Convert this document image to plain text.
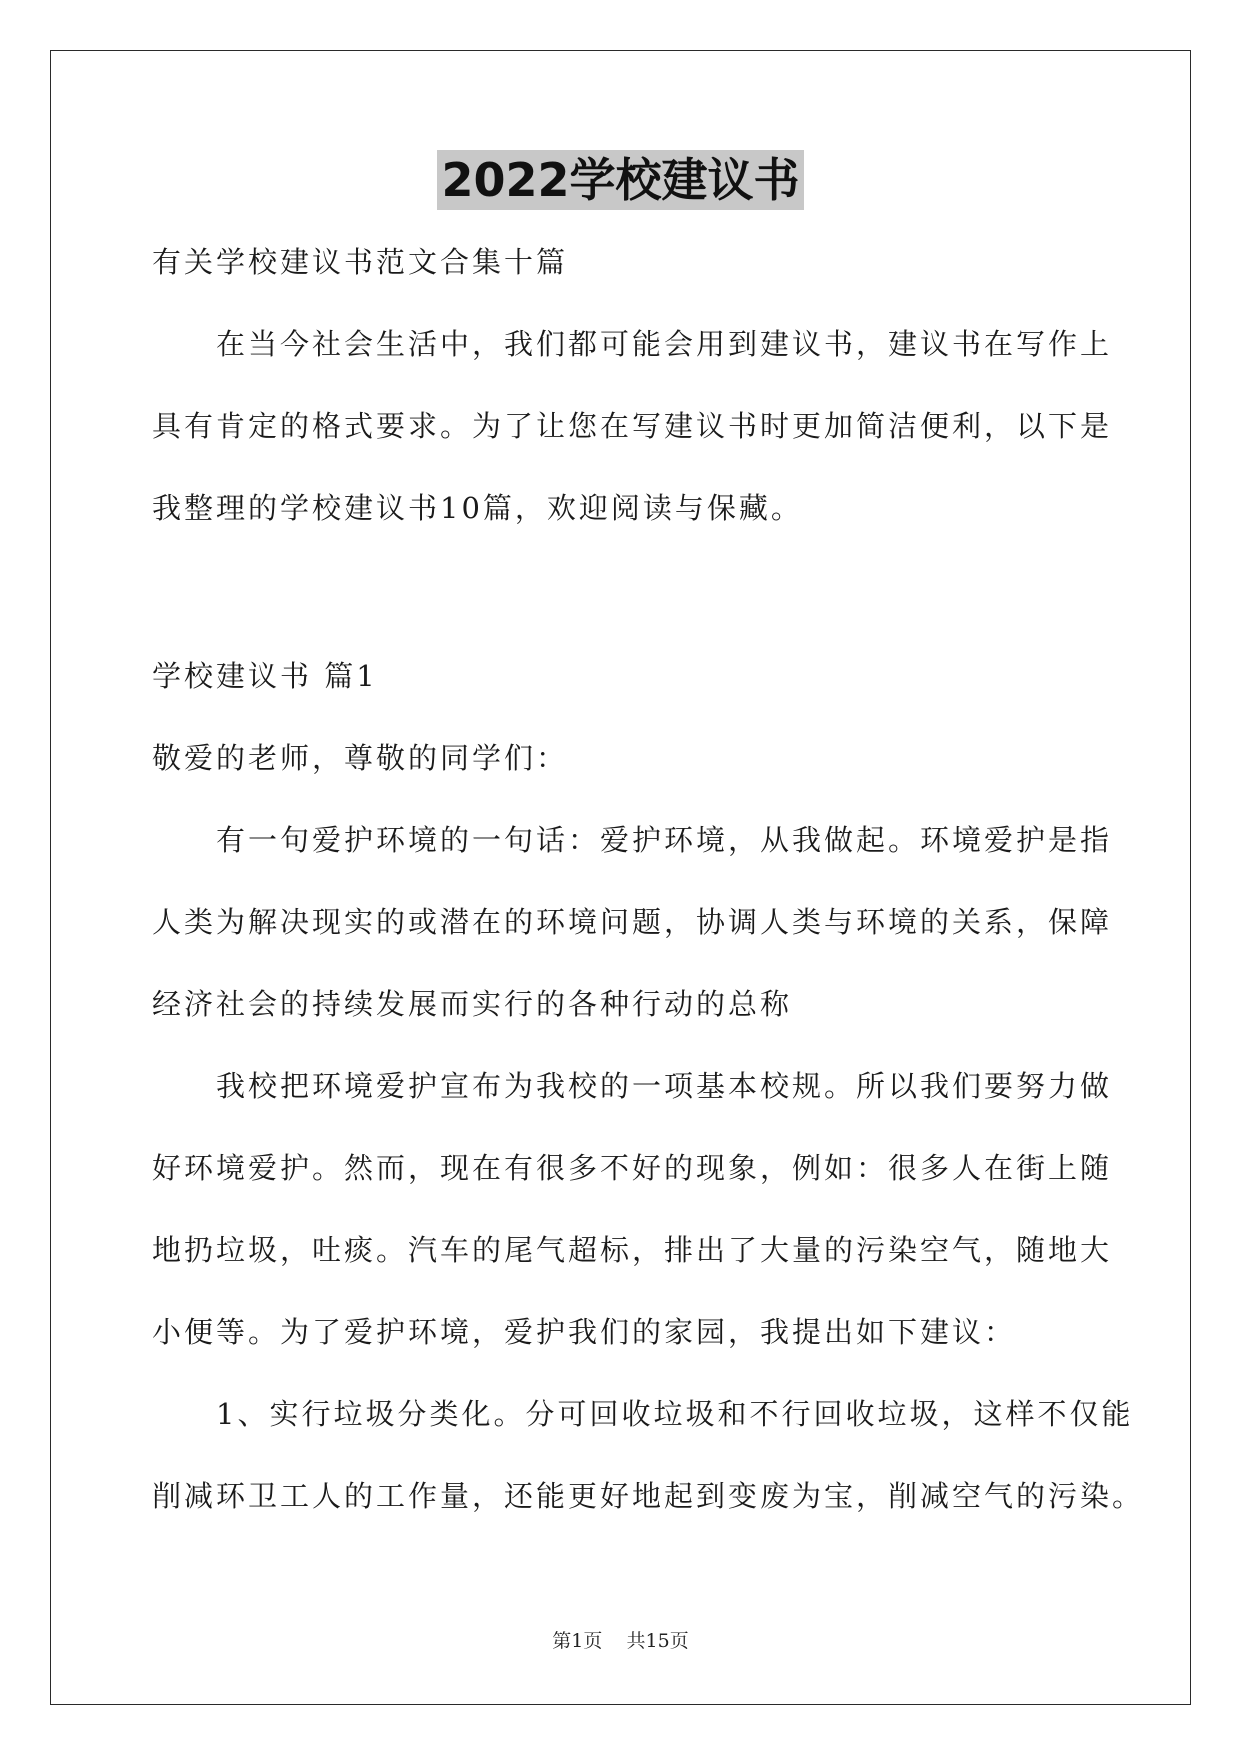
2022学校建议书
有关学校建议书范文合集十篇
　　在当今社会生活中，我们都可能会用到建议书，建议书在写作上
具有肯定的格式要求。为了让您在写建议书时更加简洁便利，以下是
我整理的学校建议书10篇，欢迎阅读与保藏。
学校建议书 篇1
敬爱的老师，尊敬的同学们：
　　有一句爱护环境的一句话：爱护环境，从我做起。环境爱护是指
人类为解决现实的或潜在的环境问题，协调人类与环境的关系，保障
经济社会的持续发展而实行的各种行动的总称
　　我校把环境爱护宣布为我校的一项基本校规。所以我们要努力做
好环境爱护。然而，现在有很多不好的现象，例如：很多人在街上随
地扔垃圾，吐痰。汽车的尾气超标，排出了大量的污染空气，随地大
小便等。为了爱护环境，爱护我们的家园，我提出如下建议：
　　1、实行垃圾分类化。分可回收垃圾和不行回收垃圾，这样不仅能
削减环卫工人的工作量，还能更好地起到变废为宝，削减空气的污染。
第1页 共15页
